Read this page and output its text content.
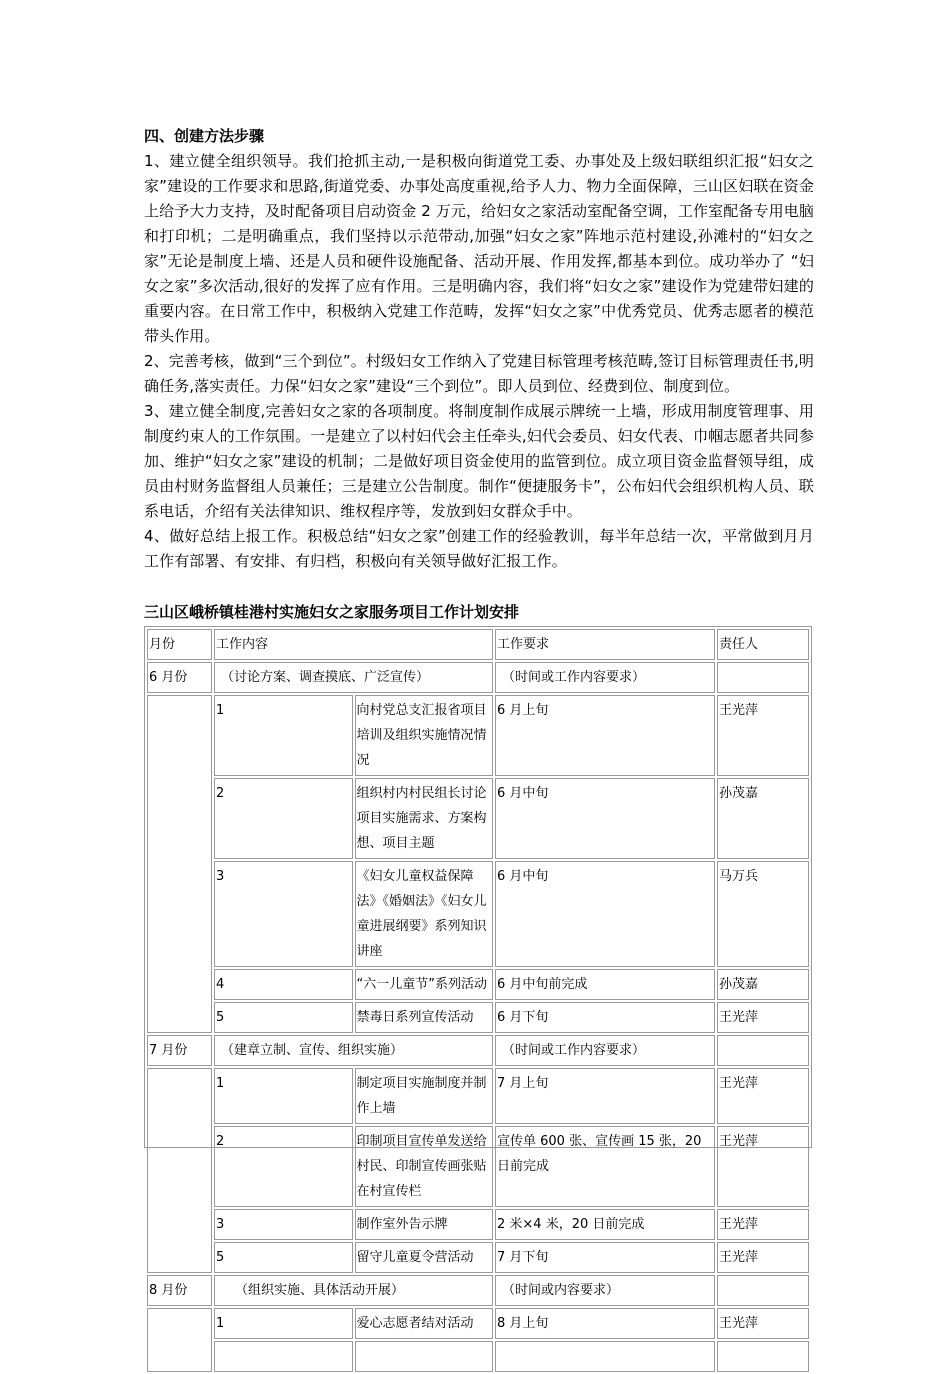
四、创建方法步骤

1、建立健全组织领导。我们抢抓主动,一是积极向街道党工委、办事处及上级妇联组织汇报“妇女之家”建设的工作要求和思路,街道党委、办事处高度重视,给予人力、物力全面保障，三山区妇联在资金上给予大力支持，及时配备项目启动资金 2 万元，给妇女之家活动室配备空调，工作室配备专用电脑和打印机；二是明确重点，我们坚持以示范带动,加强“妇女之家”阵地示范村建设,孙滩村的“妇女之家”无论是制度上墙、还是人员和硬件设施配备、活动开展、作用发挥,都基本到位。成功举办了 “妇女之家”多次活动,很好的发挥了应有作用。三是明确内容，我们将“妇女之家”建设作为党建带妇建的重要内容。在日常工作中，积极纳入党建工作范畴，发挥“妇女之家”中优秀党员、优秀志愿者的模范带头作用。

2、完善考核，做到“三个到位”。村级妇女工作纳入了党建目标管理考核范畴,签订目标管理责任书,明确任务,落实责任。力保“妇女之家”建设“三个到位”。即人员到位、经费到位、制度到位。

3、建立健全制度,完善妇女之家的各项制度。将制度制作成展示牌统一上墙，形成用制度管理事、用制度约束人的工作氛围。一是建立了以村妇代会主任牵头,妇代会委员、妇女代表、巾帼志愿者共同参加、维护“妇女之家”建设的机制；二是做好项目资金使用的监管到位。成立项目资金监督领导组，成员由村财务监督组人员兼任；三是建立公告制度。制作“便捷服务卡”，公布妇代会组织机构人员、联系电话，介绍有关法律知识、维权程序等，发放到妇女群众手中。

4、做好总结上报工作。积极总结“妇女之家”创建工作的经验教训，每半年总结一次，平常做到月月工作有部署、有安排、有归档，积极向有关领导做好汇报工作。

三山区峨桥镇桂港村实施妇女之家服务项目工作计划安排

月份	工作内容		工作要求	责任人
6 月份	（讨论方案、调查摸底、广泛宣传）		（时间或工作内容要求）	
	1	向村党总支汇报省项目培训及组织实施情况情况	6 月上旬	王光萍
	2	组织村内村民组长讨论项目实施需求、方案构想、项目主题	6 月中旬	孙茂嘉
	3	《妇女儿童权益保障法》《婚姻法》《妇女儿童进展纲要》系列知识讲座	6 月中旬	马万兵
	4	“六一儿童节”系列活动	6 月中旬前完成	孙茂嘉
	5	禁毒日系列宣传活动	6 月下旬	王光萍
7 月份	（建章立制、宣传、组织实施）		（时间或工作内容要求）	
	1	制定项目实施制度并制作上墙	7 月上旬	王光萍
	2	印制项目宣传单发送给村民、印制宣传画张贴在村宣传栏	宣传单 600 张、宣传画 15 张，20 日前完成	王光萍
	3	制作室外告示牌	2 米×4 米，20 日前完成	王光萍
	5	留守儿童夏令营活动	7 月下旬	王光萍
8 月份	（组织实施、具体活动开展）		（时间或内容要求）	
	1	爱心志愿者结对活动	8 月上旬	王光萍
